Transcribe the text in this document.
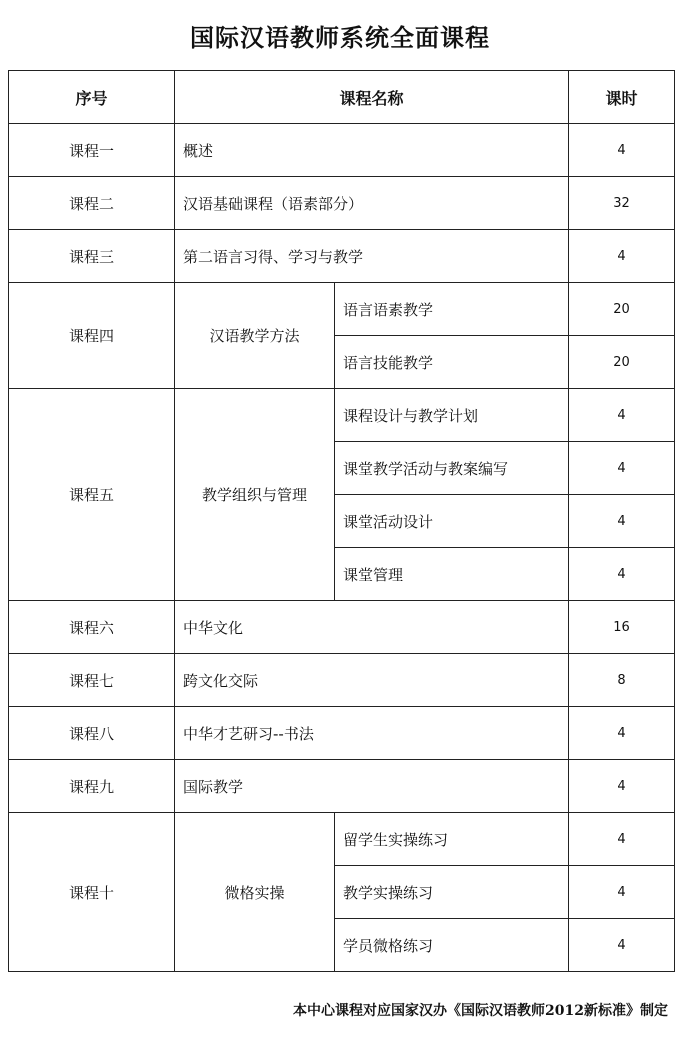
国际汉语教师系统全面课程
序号	课程名称		课时
课程一	概述		4
课程二	汉语基础课程（语素部分）		32
课程三	第二语言习得、学习与教学		4
课程四	汉语教学方法	语言语素教学	20
		语言技能教学	20
课程五	教学组织与管理	课程设计与教学计划	4
		课堂教学活动与教案编写	4
		课堂活动设计	4
		课堂管理	4
课程六	中华文化		16
课程七	跨文化交际		8
课程八	中华才艺研习--书法		4
课程九	国际教学		4
课程十	微格实操	留学生实操练习	4
		教学实操练习	4
		学员微格练习	4
本中心课程对应国家汉办《国际汉语教师2012新标准》制定
